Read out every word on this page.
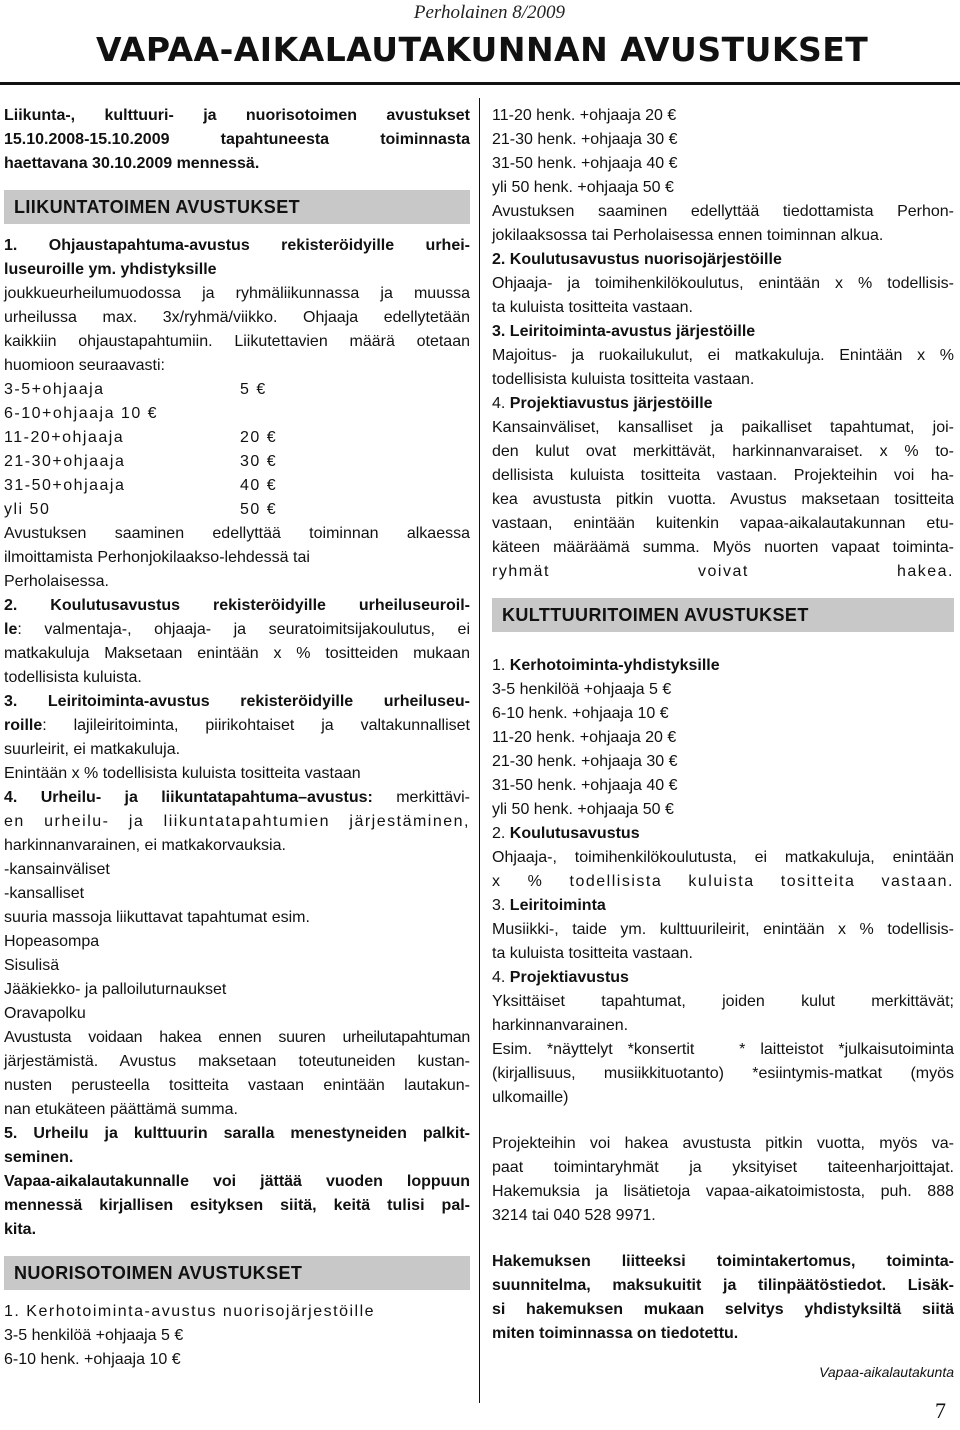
Perholainen 8/2009
VAPAA-AIKALAUTAKUNNAN AVUSTUKSET

Liikunta-, kulttuuri- ja nuorisotoimen avustukset

15.10.2008-15.10.2009 tapahtuneesta toiminnasta

haettavana 30.10.2009 mennessä.

LIIKUNTATOIMEN AVUSTUKSET

1. Ohjaustapahtuma-avustus rekisteröidyille urhei-

luseuroille ym. yhdistyksille

joukkueurheilumuodossa ja ryhmäliikunnassa ja muussa

urheilussa max. 3x/ryhmä/viikko. Ohjaaja edellytetään

kaikkiin ohjaustapahtumiin. Liikutettavien määrä otetaan

huomioon seuraavasti:

3-5+ohjaaja	5 €
6-10+ohjaaja 10 €
11-20+ohjaaja	20 €
21-30+ohjaaja	30 €
31-50+ohjaaja	40 €
yli 50	50 €

Avustuksen saaminen edellyttää toiminnan alkaessa

ilmoittamista Perhonjokilaakso-lehdessä tai

Perholaisessa.

2. Koulutusavustus rekisteröidyille urheiluseuroil-

le: valmentaja-, ohjaaja- ja seuratoimitsijakoulutus, ei

matkakuluja Maksetaan enintään x % tositteiden mukaan

todellisista kuluista.

3. Leiritoiminta-avustus rekisteröidyille urheiluseu-

roille: lajileiritoiminta, piirikohtaiset ja valtakunnalliset

suurleirit, ei matkakuluja.

Enintään x % todellisista kuluista tositteita vastaan

4. Urheilu- ja liikuntatapahtuma–avustus: merkittävi-

en urheilu- ja liikuntatapahtumien järjestäminen,

harkinnanvarainen, ei matkakorvauksia.

-kansainväliset

-kansalliset

suuria massoja liikuttavat tapahtumat esim.

Hopeasompa

Sisulisä

Jääkiekko- ja palloiluturnaukset

Oravapolku

Avustusta voidaan hakea ennen suuren urheilutapahtuman

järjestämistä. Avustus maksetaan toteutuneiden kustan-

nusten perusteella tositteita vastaan enintään lautakun-

nan etukäteen päättämä summa.

5. Urheilu ja kulttuurin saralla menestyneiden palkit-

seminen.

Vapaa-aikalautakunnalle voi jättää vuoden loppuun

mennessä kirjallisen esityksen siitä, keitä tulisi pal-

kita.

NUORISOTOIMEN AVUSTUKSET

1. Kerhotoiminta-avustus nuorisojärjestöille

3-5 henkilöä +ohjaaja 5 €

6-10 henk. +ohjaaja 10 €

11-20 henk. +ohjaaja 20 €

21-30 henk. +ohjaaja 30 €

31-50 henk. +ohjaaja 40 €

yli 50 henk. +ohjaaja 50 €

Avustuksen saaminen edellyttää tiedottamista Perhon-

jokilaaksossa tai Perholaisessa ennen toiminnan alkua.

2. Koulutusavustus nuorisojärjestöille

Ohjaaja- ja toimihenkilökoulutus, enintään x % todellisis-

ta kuluista tositteita vastaan.

3. Leiritoiminta-avustus järjestöille

Majoitus- ja ruokailukulut, ei matkakuluja. Enintään x %

todellisista kuluista tositteita vastaan.

4. Projektiavustus järjestöille

Kansainväliset, kansalliset ja paikalliset tapahtumat, joi-

den kulut ovat merkittävät, harkinnanvaraiset. x % to-

dellisista kuluista tositteita vastaan. Projekteihin voi ha-

kea avustusta pitkin vuotta. Avustus maksetaan tositteita

vastaan, enintään kuitenkin vapaa-aikalautakunnan etu-

käteen määräämä summa. Myös nuorten vapaat toiminta-

ryhmät voivat hakea.

KULTTUURITOIMEN AVUSTUKSET

1. Kerhotoiminta-yhdistyksille

3-5 henkilöä +ohjaaja 5 €

6-10 henk. +ohjaaja 10 €

11-20 henk. +ohjaaja 20 €

21-30 henk. +ohjaaja 30 €

31-50 henk. +ohjaaja 40 €

yli 50 henk. +ohjaaja 50 €

2. Koulutusavustus

Ohjaaja-, toimihenkilökoulutusta, ei matkakuluja, enintään

x % todellisista kuluista tositteita vastaan.

3. Leiritoiminta

Musiikki-, taide ym. kulttuurileirit, enintään x % todellisis-

ta kuluista tositteita vastaan.

4. Projektiavustus

Yksittäiset tapahtumat, joiden kulut merkittävät;

harkinnanvarainen.

Esim. *näyttelyt *konsertit   * laitteistot *julkaisutoiminta

(kirjallisuus, musiikkituotanto) *esiintymis-matkat (myös

ulkomaille)

Projekteihin voi hakea avustusta pitkin vuotta, myös va-

paat toimintaryhmät ja yksityiset taiteenharjoittajat.

Hakemuksia ja lisätietoja vapaa-aikatoimistosta, puh. 888

3214 tai 040 528 9971.

Hakemuksen liitteeksi toimintakertomus, toiminta-

suunnitelma, maksukuitit ja tilinpäätöstiedot. Lisäk-

si hakemuksen mukaan selvitys yhdistyksiltä siitä

miten toiminnassa on tiedotettu.

Vapaa-aikalautakunta

7
